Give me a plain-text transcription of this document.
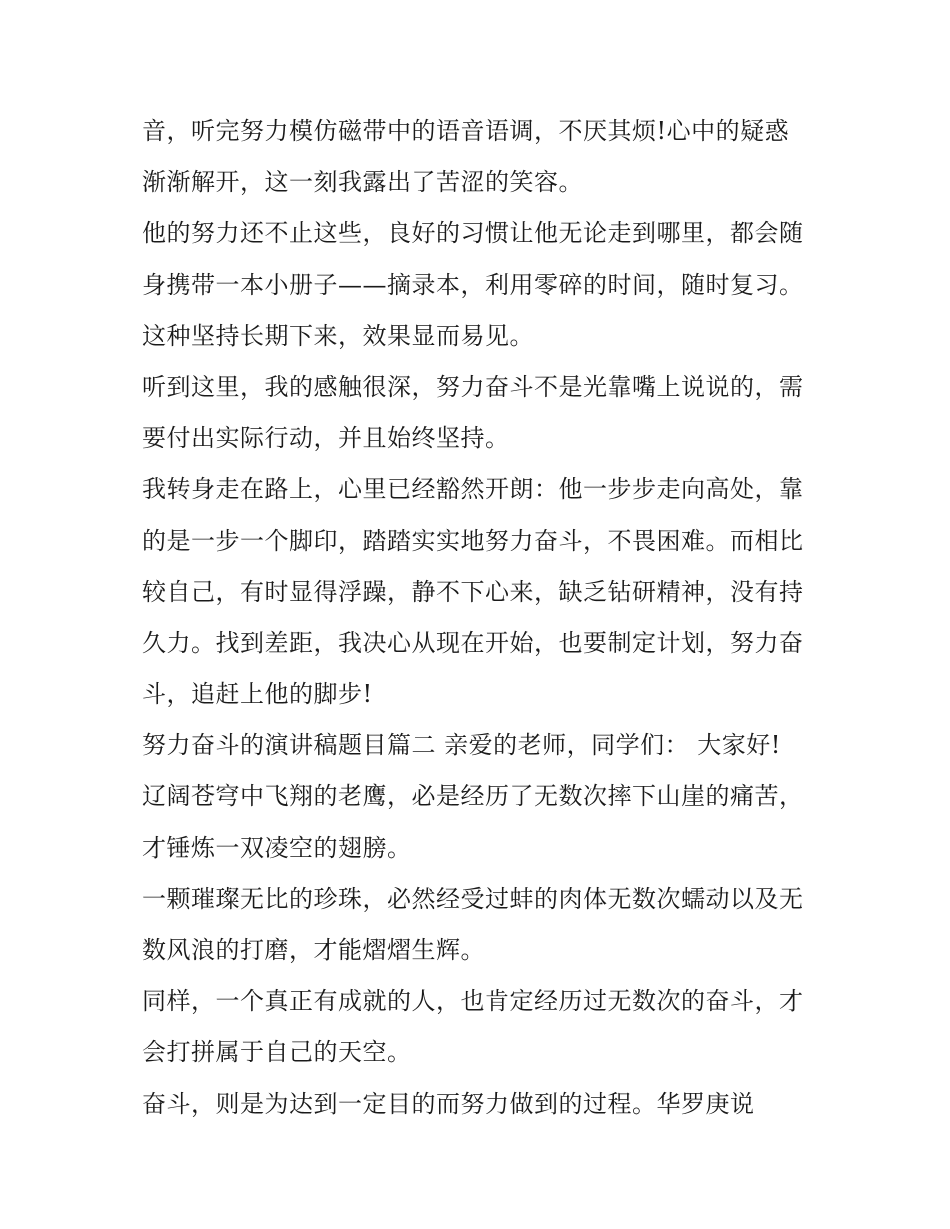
音，听完努力模仿磁带中的语音语调，不厌其烦!心中的疑惑
渐渐解开，这一刻我露出了苦涩的笑容。
他的努力还不止这些，良好的习惯让他无论走到哪里，都会随
身携带一本小册子——摘录本，利用零碎的时间，随时复习。
这种坚持长期下来，效果显而易见。
听到这里，我的感触很深，努力奋斗不是光靠嘴上说说的，需
要付出实际行动，并且始终坚持。
我转身走在路上，心里已经豁然开朗：他一步步走向高处，靠
的是一步一个脚印，踏踏实实地努力奋斗，不畏困难。而相比
较自己，有时显得浮躁，静不下心来，缺乏钻研精神，没有持
久力。找到差距，我决心从现在开始，也要制定计划，努力奋
斗，追赶上他的脚步!
努力奋斗的演讲稿题目篇二 亲爱的老师，同学们： 大家好!
辽阔苍穹中飞翔的老鹰，必是经历了无数次摔下山崖的痛苦，
才锤炼一双凌空的翅膀。
一颗璀璨无比的珍珠，必然经受过蚌的肉体无数次蠕动以及无
数风浪的打磨，才能熠熠生辉。
同样，一个真正有成就的人，也肯定经历过无数次的奋斗，才
会打拼属于自己的天空。
奋斗，则是为达到一定目的而努力做到的过程。华罗庚说
